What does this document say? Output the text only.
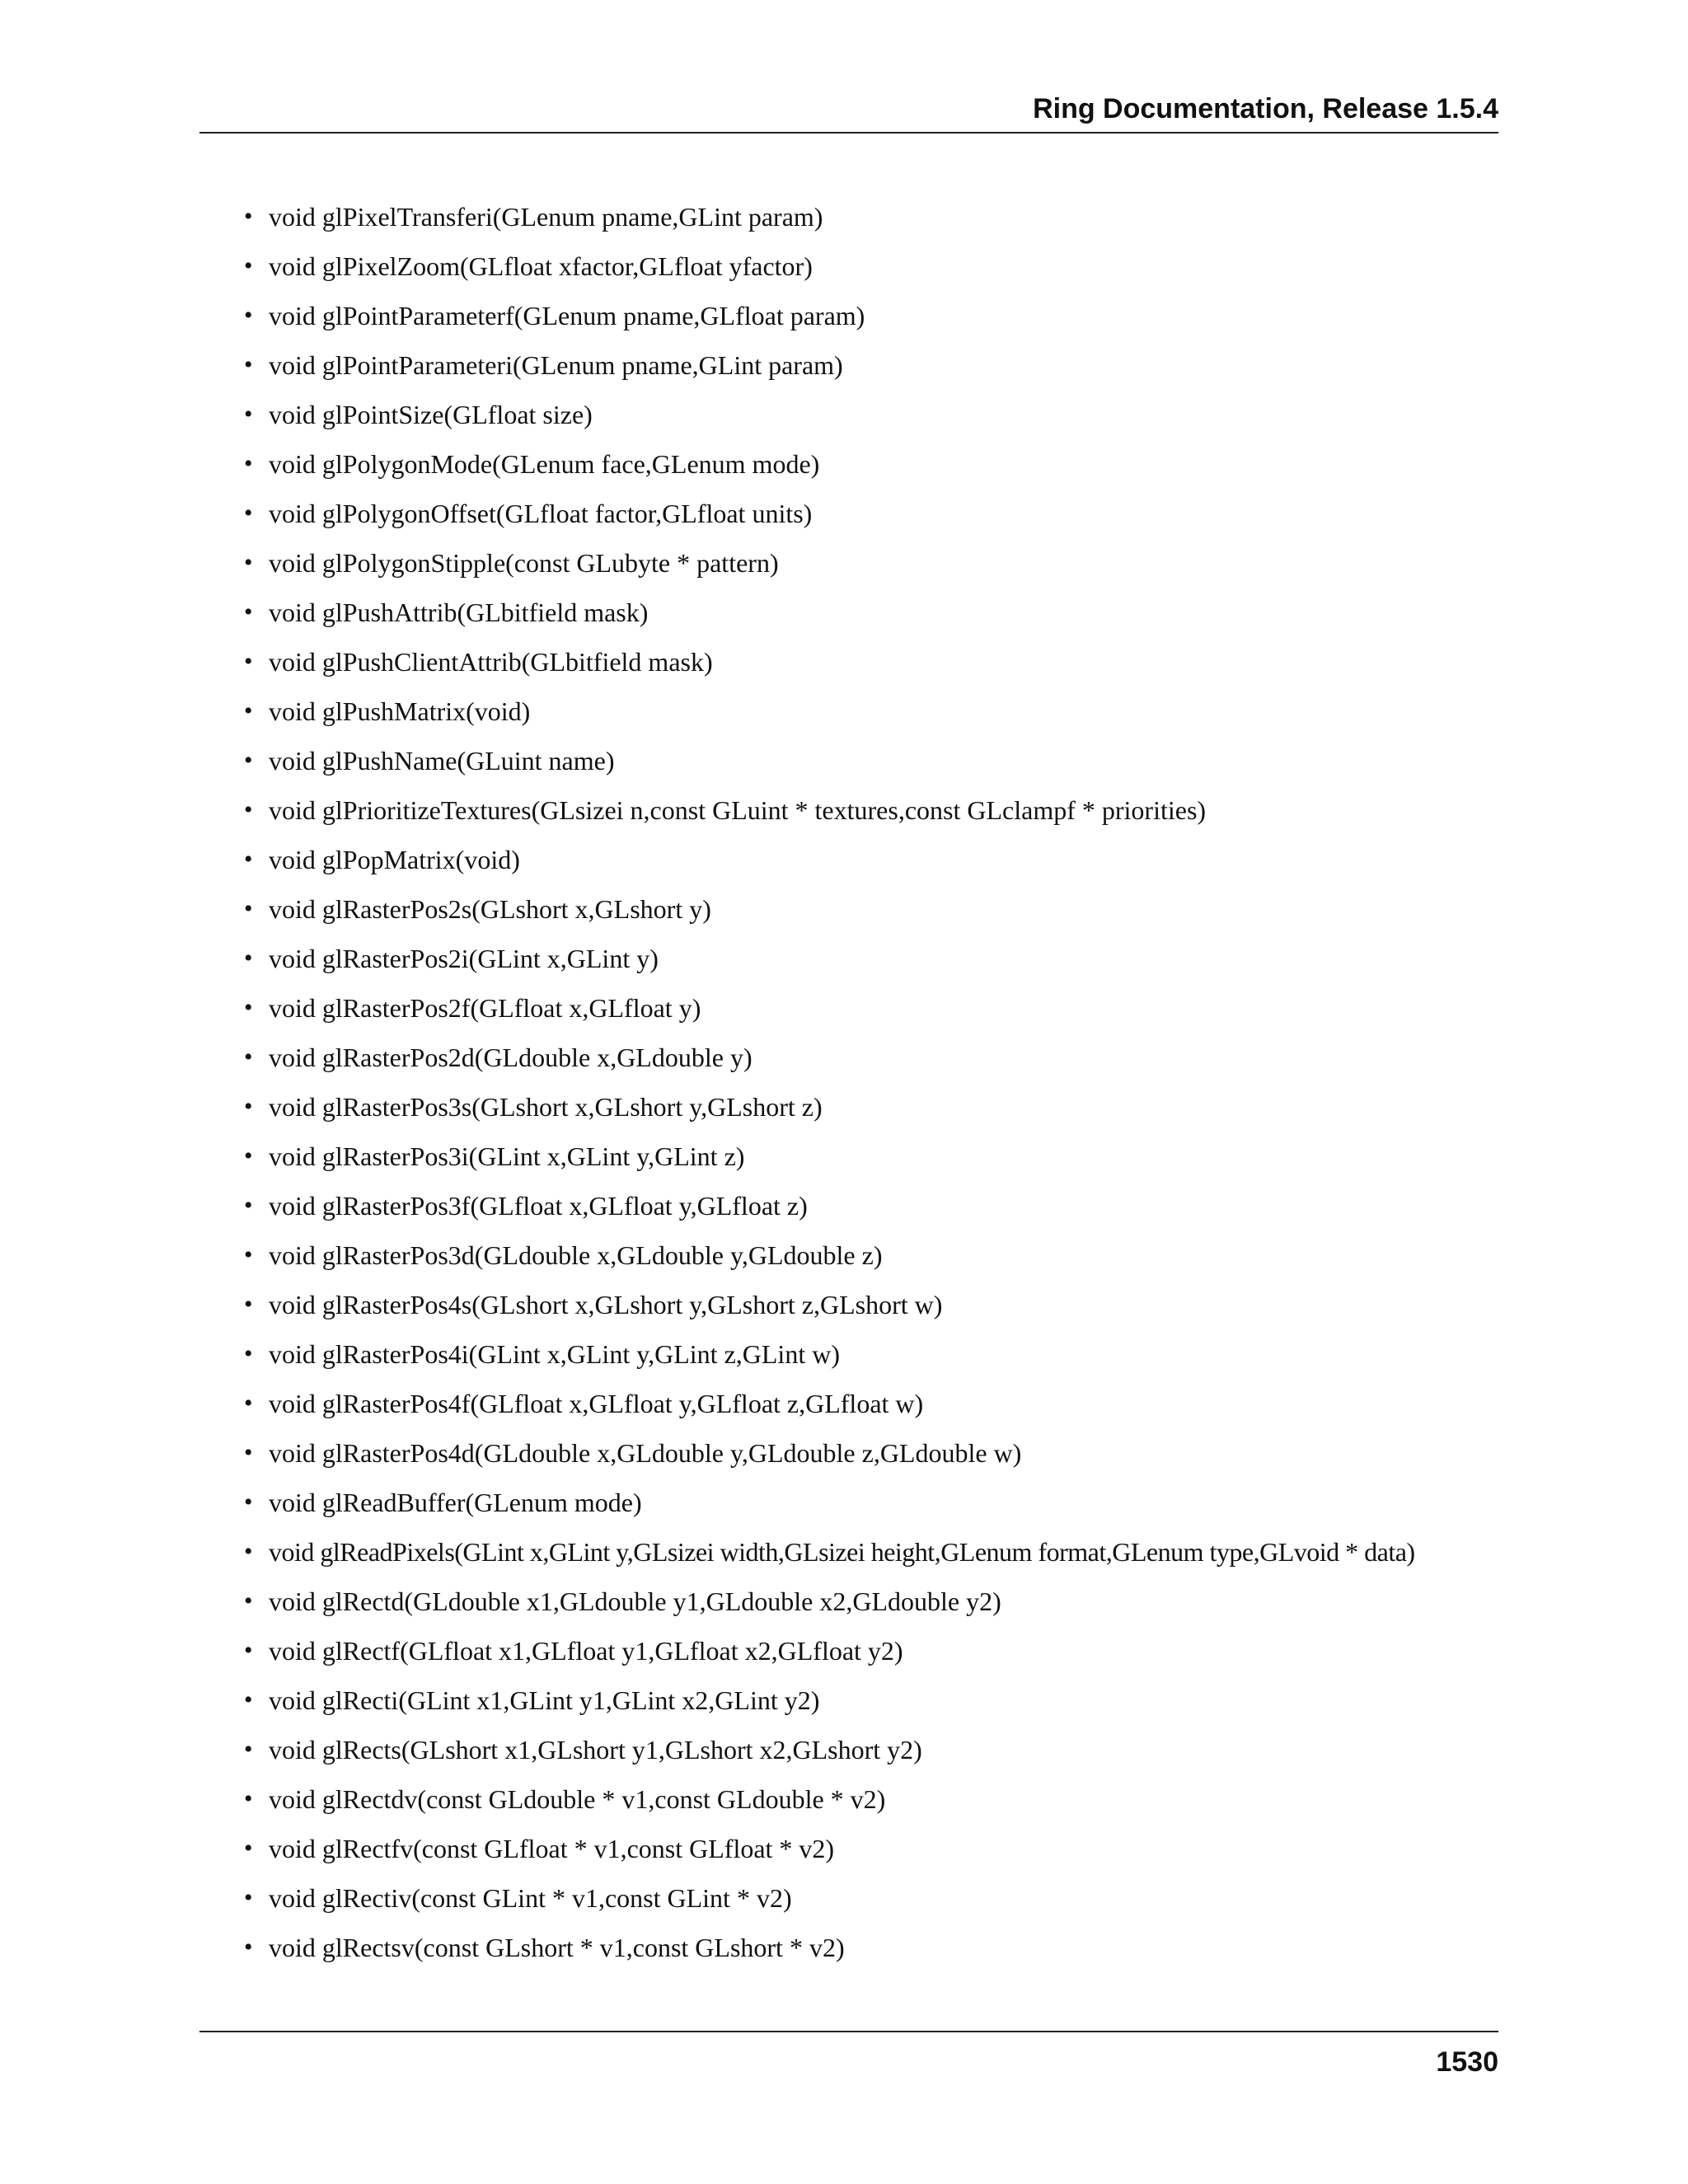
Ring Documentation, Release 1.5.4
• void glPixelTransferi(GLenum pname,GLint param)
• void glPixelZoom(GLfloat xfactor,GLfloat yfactor)
• void glPointParameterf(GLenum pname,GLfloat param)
• void glPointParameteri(GLenum pname,GLint param)
• void glPointSize(GLfloat size)
• void glPolygonMode(GLenum face,GLenum mode)
• void glPolygonOffset(GLfloat factor,GLfloat units)
• void glPolygonStipple(const GLubyte * pattern)
• void glPushAttrib(GLbitfield mask)
• void glPushClientAttrib(GLbitfield mask)
• void glPushMatrix(void)
• void glPushName(GLuint name)
• void glPrioritizeTextures(GLsizei n,const GLuint * textures,const GLclampf * priorities)
• void glPopMatrix(void)
• void glRasterPos2s(GLshort x,GLshort y)
• void glRasterPos2i(GLint x,GLint y)
• void glRasterPos2f(GLfloat x,GLfloat y)
• void glRasterPos2d(GLdouble x,GLdouble y)
• void glRasterPos3s(GLshort x,GLshort y,GLshort z)
• void glRasterPos3i(GLint x,GLint y,GLint z)
• void glRasterPos3f(GLfloat x,GLfloat y,GLfloat z)
• void glRasterPos3d(GLdouble x,GLdouble y,GLdouble z)
• void glRasterPos4s(GLshort x,GLshort y,GLshort z,GLshort w)
• void glRasterPos4i(GLint x,GLint y,GLint z,GLint w)
• void glRasterPos4f(GLfloat x,GLfloat y,GLfloat z,GLfloat w)
• void glRasterPos4d(GLdouble x,GLdouble y,GLdouble z,GLdouble w)
• void glReadBuffer(GLenum mode)
• void glReadPixels(GLint x,GLint y,GLsizei width,GLsizei height,GLenum format,GLenum type,GLvoid * data)
• void glRectd(GLdouble x1,GLdouble y1,GLdouble x2,GLdouble y2)
• void glRectf(GLfloat x1,GLfloat y1,GLfloat x2,GLfloat y2)
• void glRecti(GLint x1,GLint y1,GLint x2,GLint y2)
• void glRects(GLshort x1,GLshort y1,GLshort x2,GLshort y2)
• void glRectdv(const GLdouble * v1,const GLdouble * v2)
• void glRectfv(const GLfloat * v1,const GLfloat * v2)
• void glRectiv(const GLint * v1,const GLint * v2)
• void glRectsv(const GLshort * v1,const GLshort * v2)
1530
